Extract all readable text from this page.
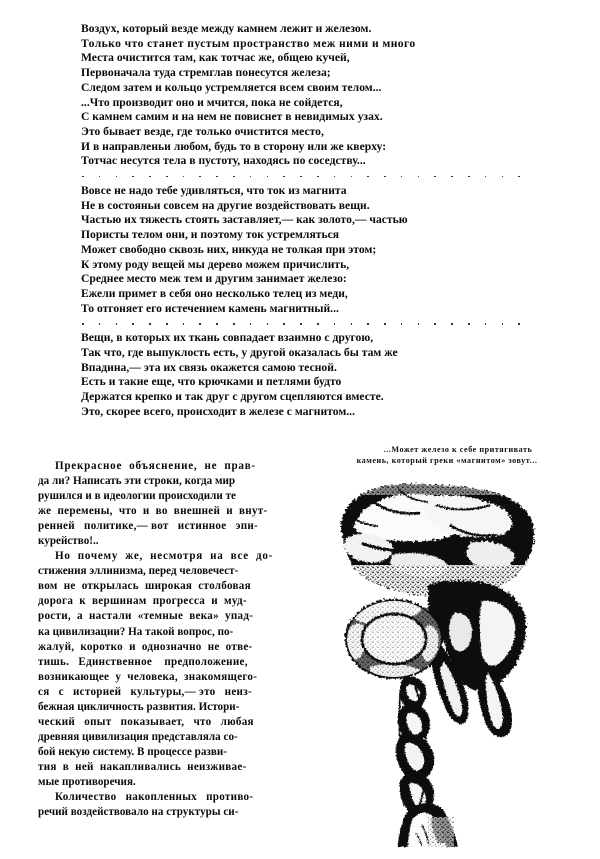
Воздух, который везде между камнем лежит и железом.
Только что станет пустым пространство меж ними и много
Места очистится там, как тотчас же, общею кучей,
Первоначала туда стремглав понесутся железа;
Следом затем и кольцо устремляется всем своим телом...
...Что производит оно и мчится, пока не сойдется,
С камнем самим и на нем не повиснет в невидимых узах.
Это бывает везде, где только очистится место,
И в направленьи любом, будь то в сторону или же кверху:
Тотчас несутся тела в пустоту, находясь по соседству...
Вовсе не надо тебе удивляться, что ток из магнита
Не в состояньи совсем на другие воздействовать вещи.
Частью их тяжесть стоять заставляет,— как золото,— частью
Пористы телом они, и поэтому ток устремляться
Может свободно сквозь них, никуда не толкая при этом;
К этому роду вещей мы дерево можем причислить,
Среднее место меж тем и другим занимает железо:
Ежели примет в себя оно несколько телец из меди,
То отгоняет его истечением камень магнитный...
Вещи, в которых их ткань совпадает взаимно с другою,
Так что, где выпуклость есть, у другой оказалась бы там же
Впадина,— эта их связь окажется самою тесной.
Есть и такие еще, что крючками и петлями будто
Держатся крепко и так друг с другом сцепляются вместе.
Это, скорее всего, происходит в железе с магнитом...
...Может железо к себе притягивать
камень, который греки «магнитом» зовут...
Прекрасное  объяснение,  не  прав-
да ли? Написать эти строки, когда мир
рушился и в идеологии происходили те
же  перемены,  что  и  во  внешней  и  внут-
ренней   политике,— вот   истинное   эпи-
курейство!..
Но  почему  же,  несмотря  на  все  до-
стижения эллинизма, перед человечест-
вом  не  открылась  широкая  столбовая
дорога  к  вершинам  прогресса  и  муд-
рости,  а  настали  «темные  века»  упад-
ка цивилизации? На такой вопрос, по-
жалуй,  коротко  и  однозначно  не  отве-
тишь.   Единственное    предположение,
возникающее  у  человека,  знакомящего-
ся   с   историей   культуры,— это   неиз-
бежная цикличность развития. Истори-
ческий   опыт   показывает,   что   любая
древняя цивилизация представляла со-
бой некую систему. В процессе разви-
тия  в  ней  накапливались  неизживае-
мые противоречия.
Количество   накопленных   противо-
речий воздействовало на структуры си-
